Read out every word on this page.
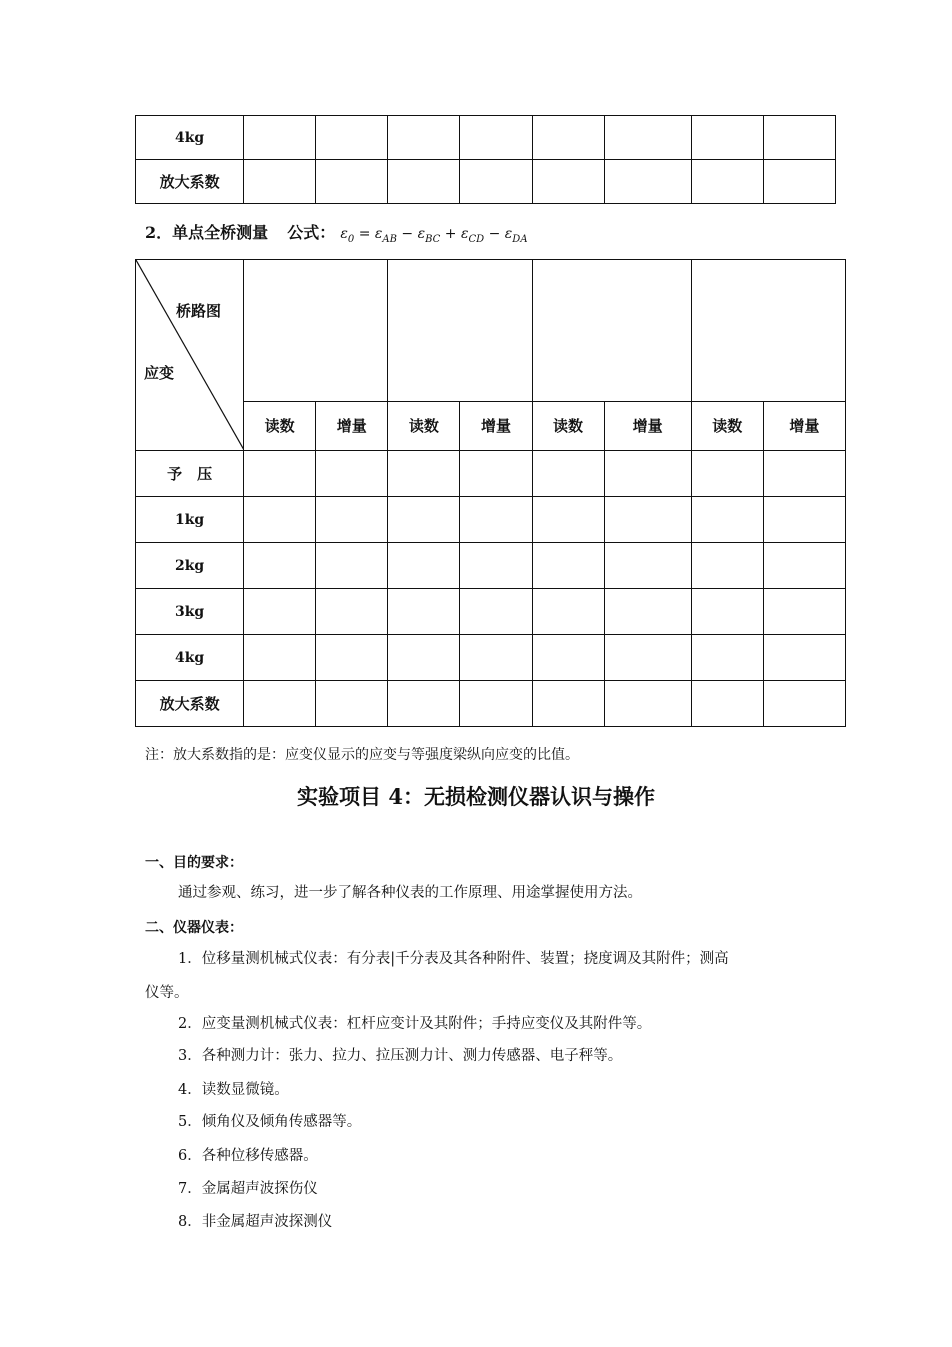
4kg								
放大系数								
2．单点全桥测量 公式： $\varepsilon_0 = \varepsilon_{AB} - \varepsilon_{BC} + \varepsilon_{CD} - \varepsilon_{DA}$
桥路图
应变								

	读数	增量	读数	增量	读数	增量	读数	增量
予　压								
1kg								
2kg								
3kg								
4kg								
放大系数								
注：放大系数指的是：应变仪显示的应变与等强度梁纵向应变的比值。
实验项目 4：无损检测仪器认识与操作
一、目的要求：
通过参观、练习，进一步了解各种仪表的工作原理、用途掌握使用方法。
二、仪器仪表：
1．位移量测机械式仪表：有分表|千分表及其各种附件、装置；挠度调及其附件；测高
仪等。
2．应变量测机械式仪表：杠杆应变计及其附件；手持应变仪及其附件等。
3．各种测力计：张力、拉力、拉压测力计、测力传感器、电子秤等。
4．读数显微镜。
5．倾角仪及倾角传感器等。
6．各种位移传感器。
7．金属超声波探伤仪
8．非金属超声波探测仪
